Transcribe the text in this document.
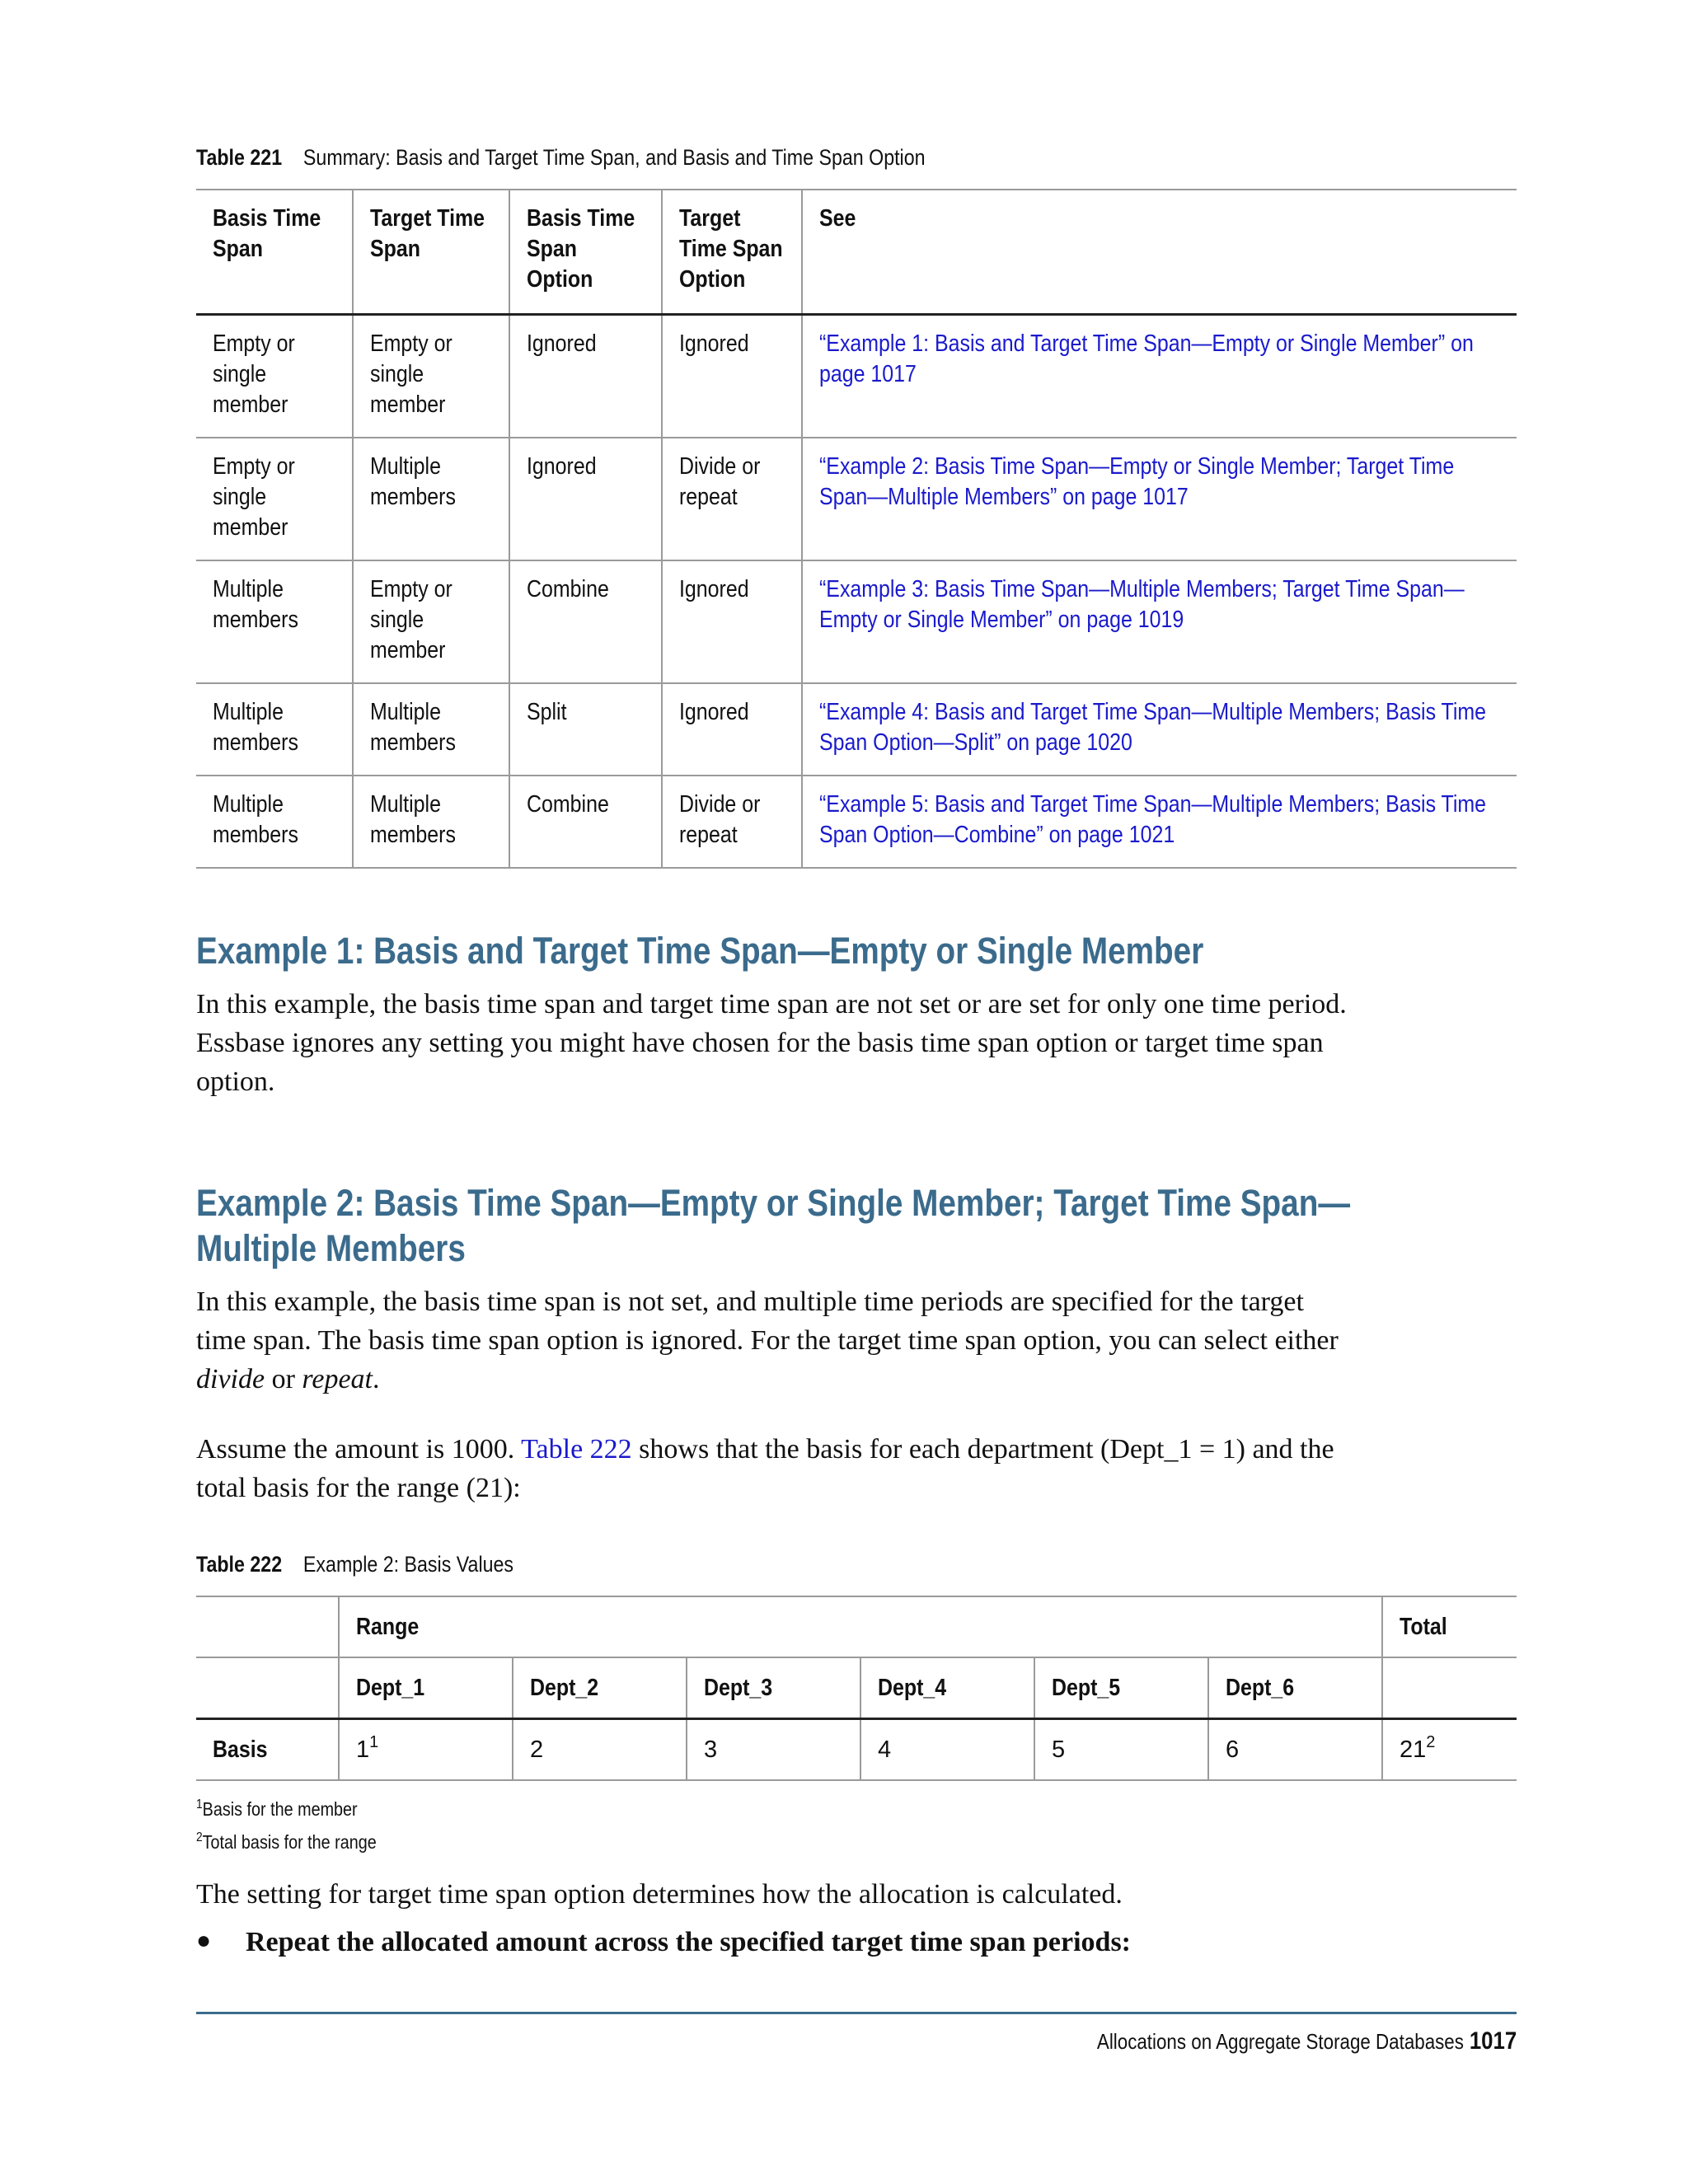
Table 221 Summary: Basis and Target Time Span, and Basis and Time Span Option
Basis Time Span	Target Time Span	Basis Time Span Option	Target Time Span Option	See

Empty or single member	Empty or single member	Ignored	Ignored	“Example 1: Basis and Target Time Span—Empty or Single Member” on page 1017

Empty or single member	Multiple members	Ignored	Divide or repeat	“Example 2: Basis Time Span—Empty or Single Member; Target Time Span—Multiple Members” on page 1017

Multiple members	Empty or single member	Combine	Ignored	“Example 3: Basis Time Span—Multiple Members; Target Time Span—Empty or Single Member” on page 1019

Multiple members	Multiple members	Split	Ignored	“Example 4: Basis and Target Time Span—Multiple Members; Basis Time Span Option—Split” on page 1020

Multiple members	Multiple members	Combine	Divide or repeat	“Example 5: Basis and Target Time Span—Multiple Members; Basis Time Span Option—Combine” on page 1021
Example 1: Basis and Target Time Span—Empty or Single Member

In this example, the basis time span and target time span are not set or are set for only one time period. Essbase ignores any setting you might have chosen for the basis time span option or target time span option.

Example 2: Basis Time Span—Empty or Single Member; Target Time Span—
Multiple Members

In this example, the basis time span is not set, and multiple time periods are specified for the target time span. The basis time span option is ignored. For the target time span option, you can select either divide or repeat.

Assume the amount is 1000. Table 222 shows that the basis for each department (Dept_1 = 1) and the total basis for the range (21):

Table 222 Example 2: Basis Values
	Range						Total
	Dept_1	Dept_2	Dept_3	Dept_4	Dept_5	Dept_6	
Basis	$1^1$	2	3	4	5	6	$21^2$
$^1$Basis for the member
$^2$Total basis for the range

The setting for target time span option determines how the allocation is calculated.

●	Repeat the allocated amount across the specified target time span periods:
Allocations on Aggregate Storage Databases 1017
